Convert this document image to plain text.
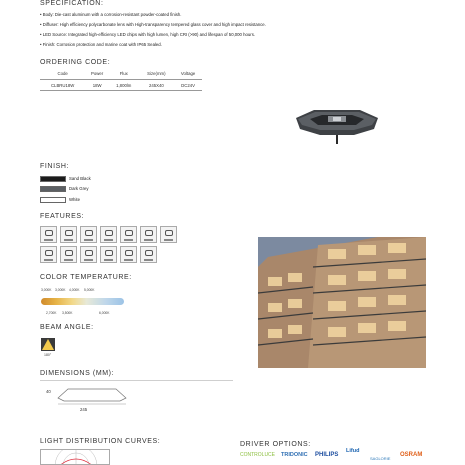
SPECIFICATION:
• Body: Die-cast aluminum with a corrosion-resistant powder-coated finish.
• Diffuser: High efficiency polycarbonate lens with High-transparency tempered glass cover and high impact resistance.
• LED Source: Integrated high-efficiency LED chips with high lumen, high CRI (>90) and lifespan of 50,000 hours.
• Finish: Corrosion protection and marine coat with IP65 Sealed.
ORDERING CODE:
Code	Power	Flux	Size(mm)	Voltage
CLBRU18W	18W	1,800lm	245X40	DC24V
FINISH:
Sand Black
Dark Grey
White
FEATURES:
COLOR TEMPERATURE:
3,000K 3,000K 4,000K 5,000K
2,700K 3,500K	6,000K
BEAM ANGLE:
180°
DIMENSIONS (MM):
40
245
LIGHT DISTRIBUTION CURVES:	DRIVER OPTIONS:
CONTROLUCE TRIDONIC PHILIPS
Lifud
SAGLORIE
OSRAM
